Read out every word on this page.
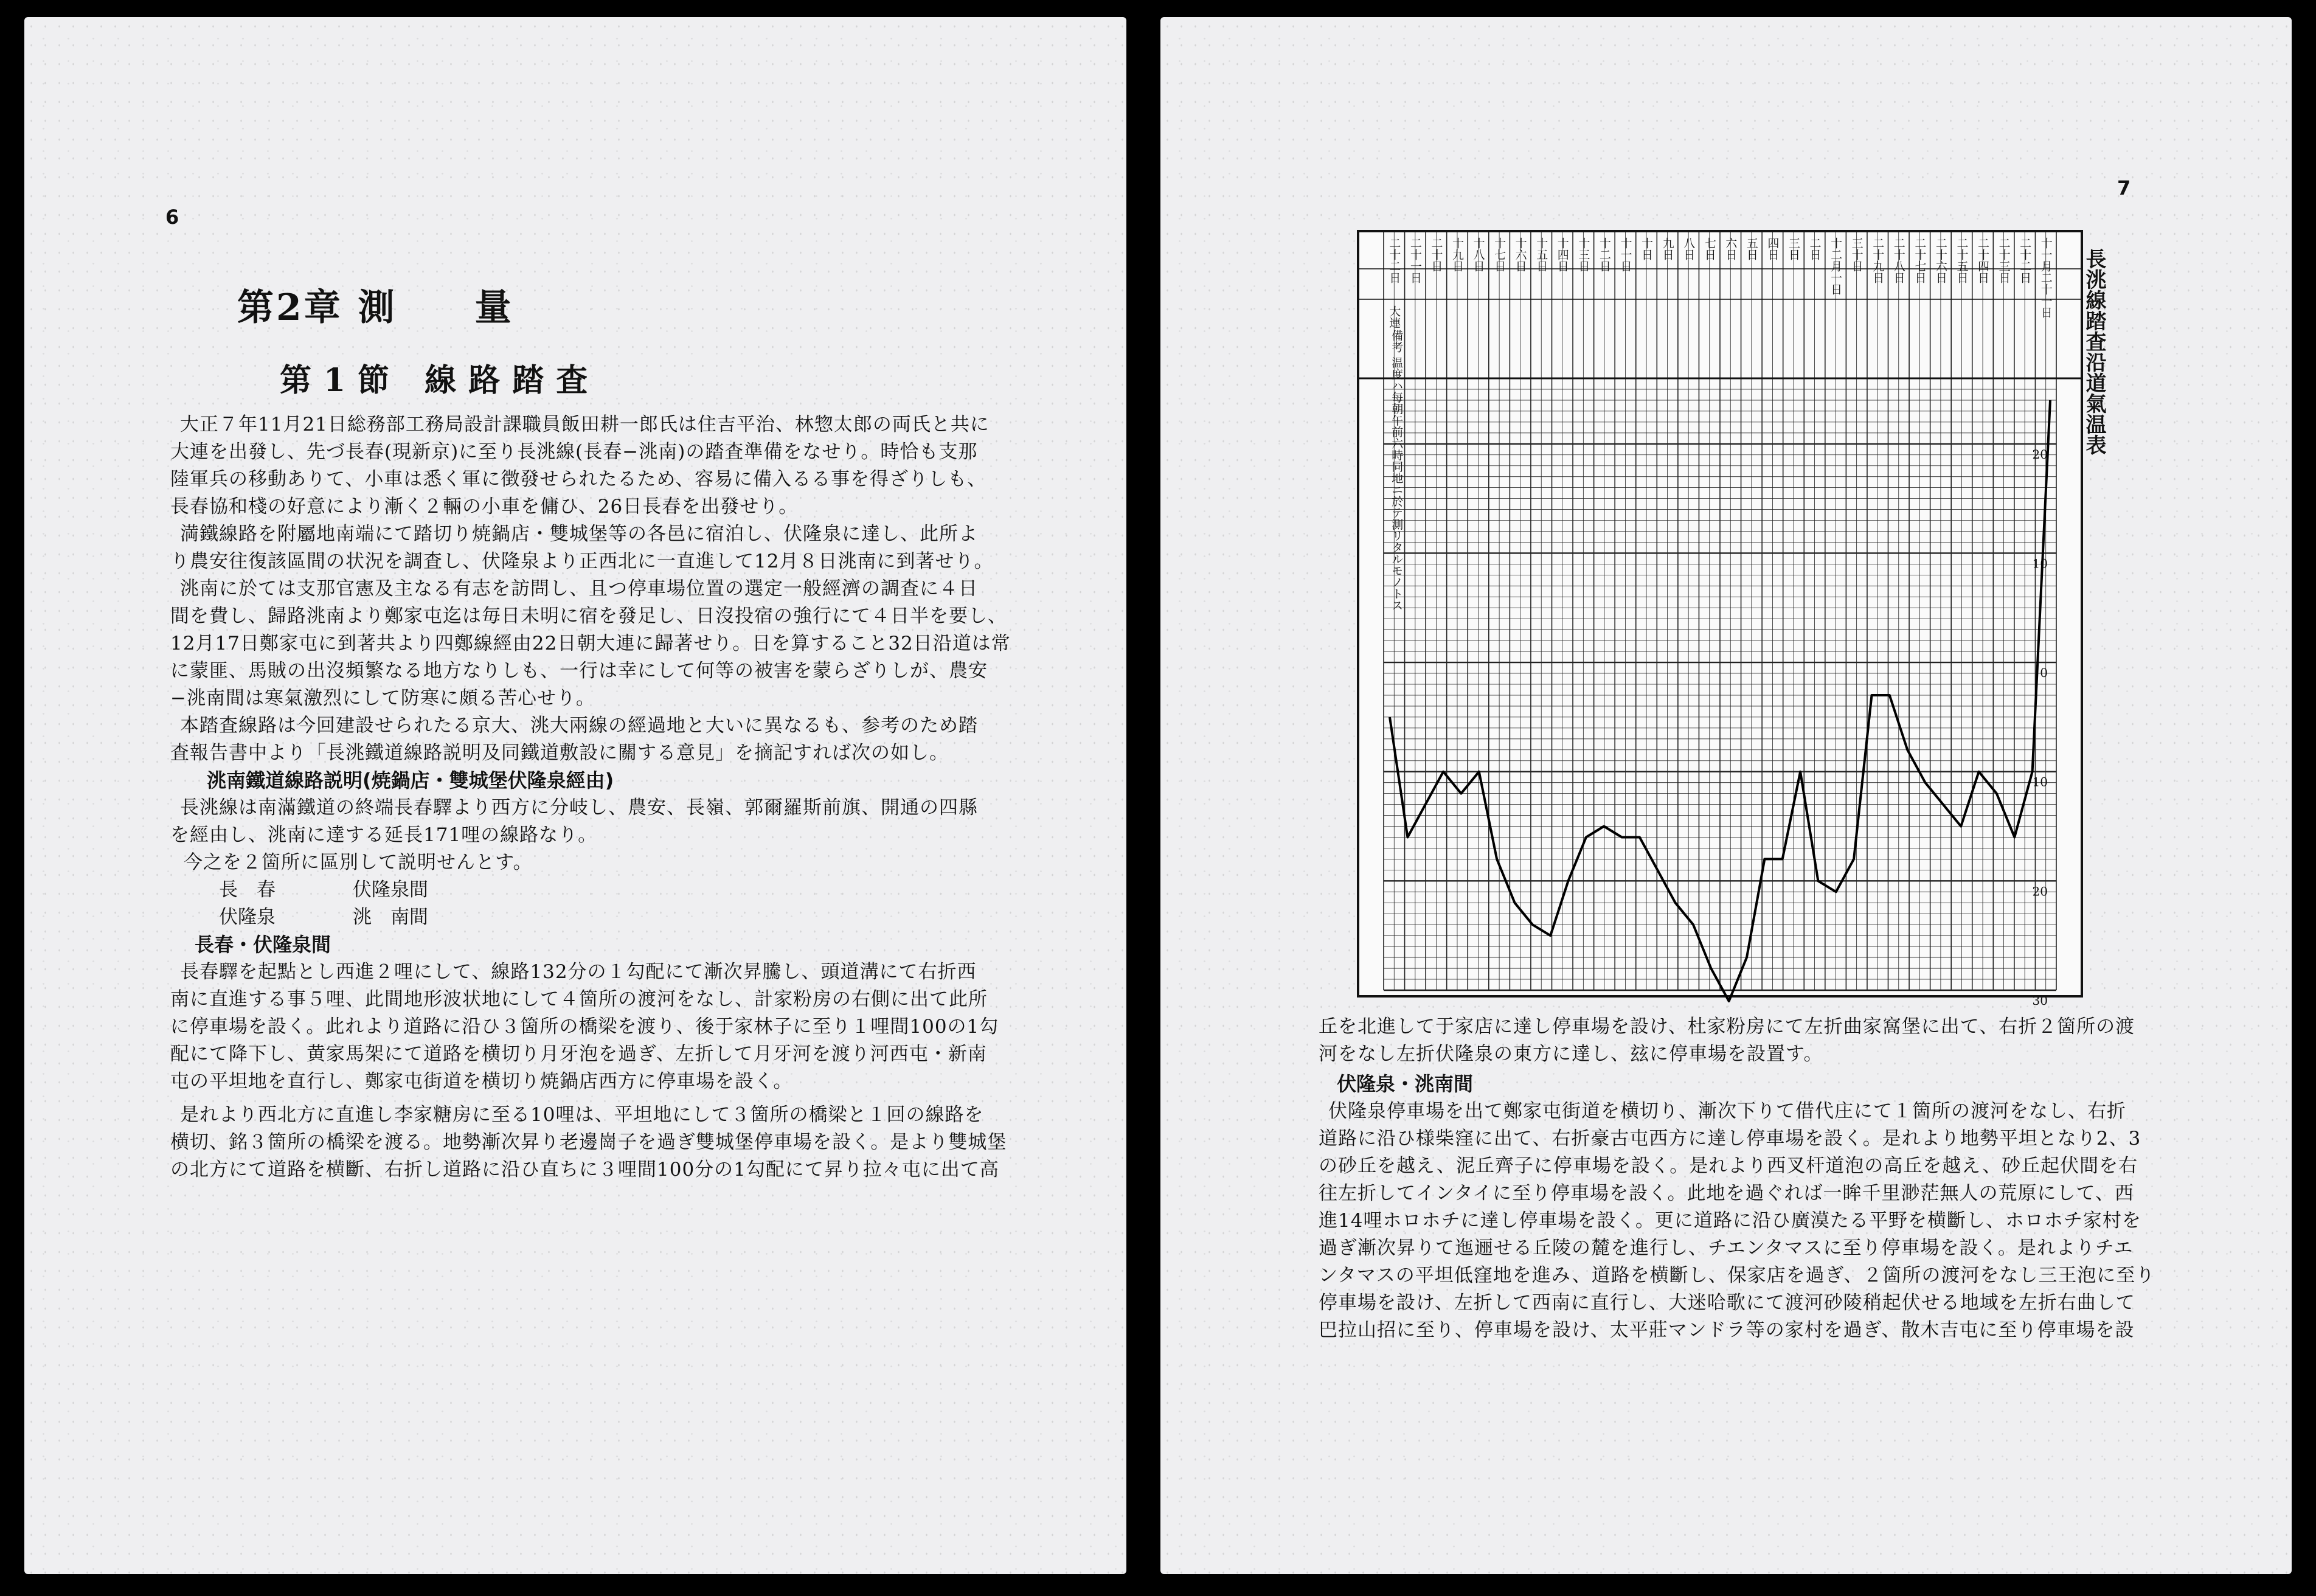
6
第2章 測　　量
第1節 線路踏査
大正７年11月21日総務部工務局設計課職員飯田耕一郎氏は住吉平治、林惣太郎の両氏と共に
大連を出發し、先づ長春(現新京)に至り長洮線(長春−洮南)の踏査準備をなせり。時恰も支那
陸軍兵の移動ありて、小車は悉く軍に徴發せられたるため、容易に備入るる事を得ざりしも、
長春協和棧の好意により漸く２輛の小車を傭ひ、26日長春を出發せり。
満鐵線路を附屬地南端にて踏切り焼鍋店・雙城堡等の各邑に宿泊し、伏隆泉に達し、此所よ
り農安往復該區間の状況を調査し、伏隆泉より正西北に一直進して12月８日洮南に到著せり。
洮南に於ては支那官憲及主なる有志を訪問し、且つ停車場位置の選定一般經濟の調査に４日
間を費し、歸路洮南より鄭家屯迄は毎日未明に宿を發足し、日沒投宿の強行にて４日半を要し、
12月17日鄭家屯に到著共より四鄭線經由22日朝大連に歸著せり。日を算すること32日沿道は常
に蒙匪、馬賊の出沒頻繁なる地方なりしも、一行は幸にして何等の被害を蒙らざりしが、農安
−洮南間は寒氣激烈にして防寒に頗る苦心せり。
本踏査線路は今回建設せられたる京大、洮大兩線の經過地と大いに異なるも、参考のため踏
査報告書中より「長洮鐵道線路説明及同鐵道敷設に關する意見」を摘記すれば次の如し。
洮南鐵道線路説明(焼鍋店・雙城堡伏隆泉經由)
長洮線は南滿鐵道の終端長春驛より西方に分岐し、農安、長嶺、郭爾羅斯前旗、開通の四縣
を經由し、洮南に達する延長171哩の線路なり。
今之を２箇所に區別して説明せんとす。
長　春	伏隆泉間
伏隆泉	洮　南間
長春・伏隆泉間
長春驛を起點とし西進２哩にして、線路132分の１勾配にて漸次昇騰し、頭道溝にて右折西
南に直進する事５哩、此間地形波状地にして４箇所の渡河をなし、計家粉房の右側に出て此所
に停車場を設く。此れより道路に沿ひ３箇所の橋梁を渡り、後于家林子に至り１哩間100の1勾
配にて降下し、黄家馬架にて道路を横切り月牙泡を過ぎ、左折して月牙河を渡り河西屯・新南
屯の平坦地を直行し、鄭家屯街道を横切り焼鍋店西方に停車場を設く。
是れより西北方に直進し李家糖房に至る10哩は、平坦地にして３箇所の橋梁と１回の線路を
横切、銘３箇所の橋梁を渡る。地勢漸次昇り老邊崗子を過ぎ雙城堡停車場を設く。是より雙城堡
の北方にて道路を横斷、右折し道路に沿ひ直ちに３哩間100分の1勾配にて昇り拉々屯に出て高
7
二十二日 二十一日 二十日 十九日 十八日 十七日 十六日 十五日 十四日 十三日 十二日 十一日 十日 九日 八日 七日 六日 五日 四日 三日 二日 十二月一日 三十日 二十九日 二十八日 二十七日 二十六日 二十五日 二十四日 二十三日 二十二日 十一月二十一日
大連
備考 温度ハ每朝午前六時同地ニ於テ測リタルモノトス	20
10
0
10
20
30
長洮線踏査沿道氣温表
丘を北進して于家店に達し停車場を設け、杜家粉房にて左折曲家窩堡に出て、右折２箇所の渡
河をなし左折伏隆泉の東方に達し、玆に停車場を設置す。
伏隆泉・洮南間
伏隆泉停車場を出て鄭家屯街道を横切り、漸次下りて借代庄にて１箇所の渡河をなし、右折
道路に沿ひ様柴窪に出て、右折豪古屯西方に達し停車場を設く。是れより地勢平坦となり2、3
の砂丘を越え、泥丘齊子に停車場を設く。是れより西叉杆道泡の高丘を越え、砂丘起伏間を右
往左折してインタイに至り停車場を設く。此地を過ぐれば一眸千里渺茫無人の荒原にして、西
進14哩ホロホチに達し停車場を設く。更に道路に沿ひ廣漠たる平野を横斷し、ホロホチ家村を
過ぎ漸次昇りて迤逦せる丘陵の麓を進行し、チエンタマスに至り停車場を設く。是れよりチエ
ンタマスの平坦低窪地を進み、道路を横斷し、保家店を過ぎ、２箇所の渡河をなし三王泡に至り
停車場を設け、左折して西南に直行し、大迷哈歌にて渡河砂陵稍起伏せる地域を左折右曲して
巴拉山招に至り、停車場を設け、太平莊マンドラ等の家村を過ぎ、散木吉屯に至り停車場を設
